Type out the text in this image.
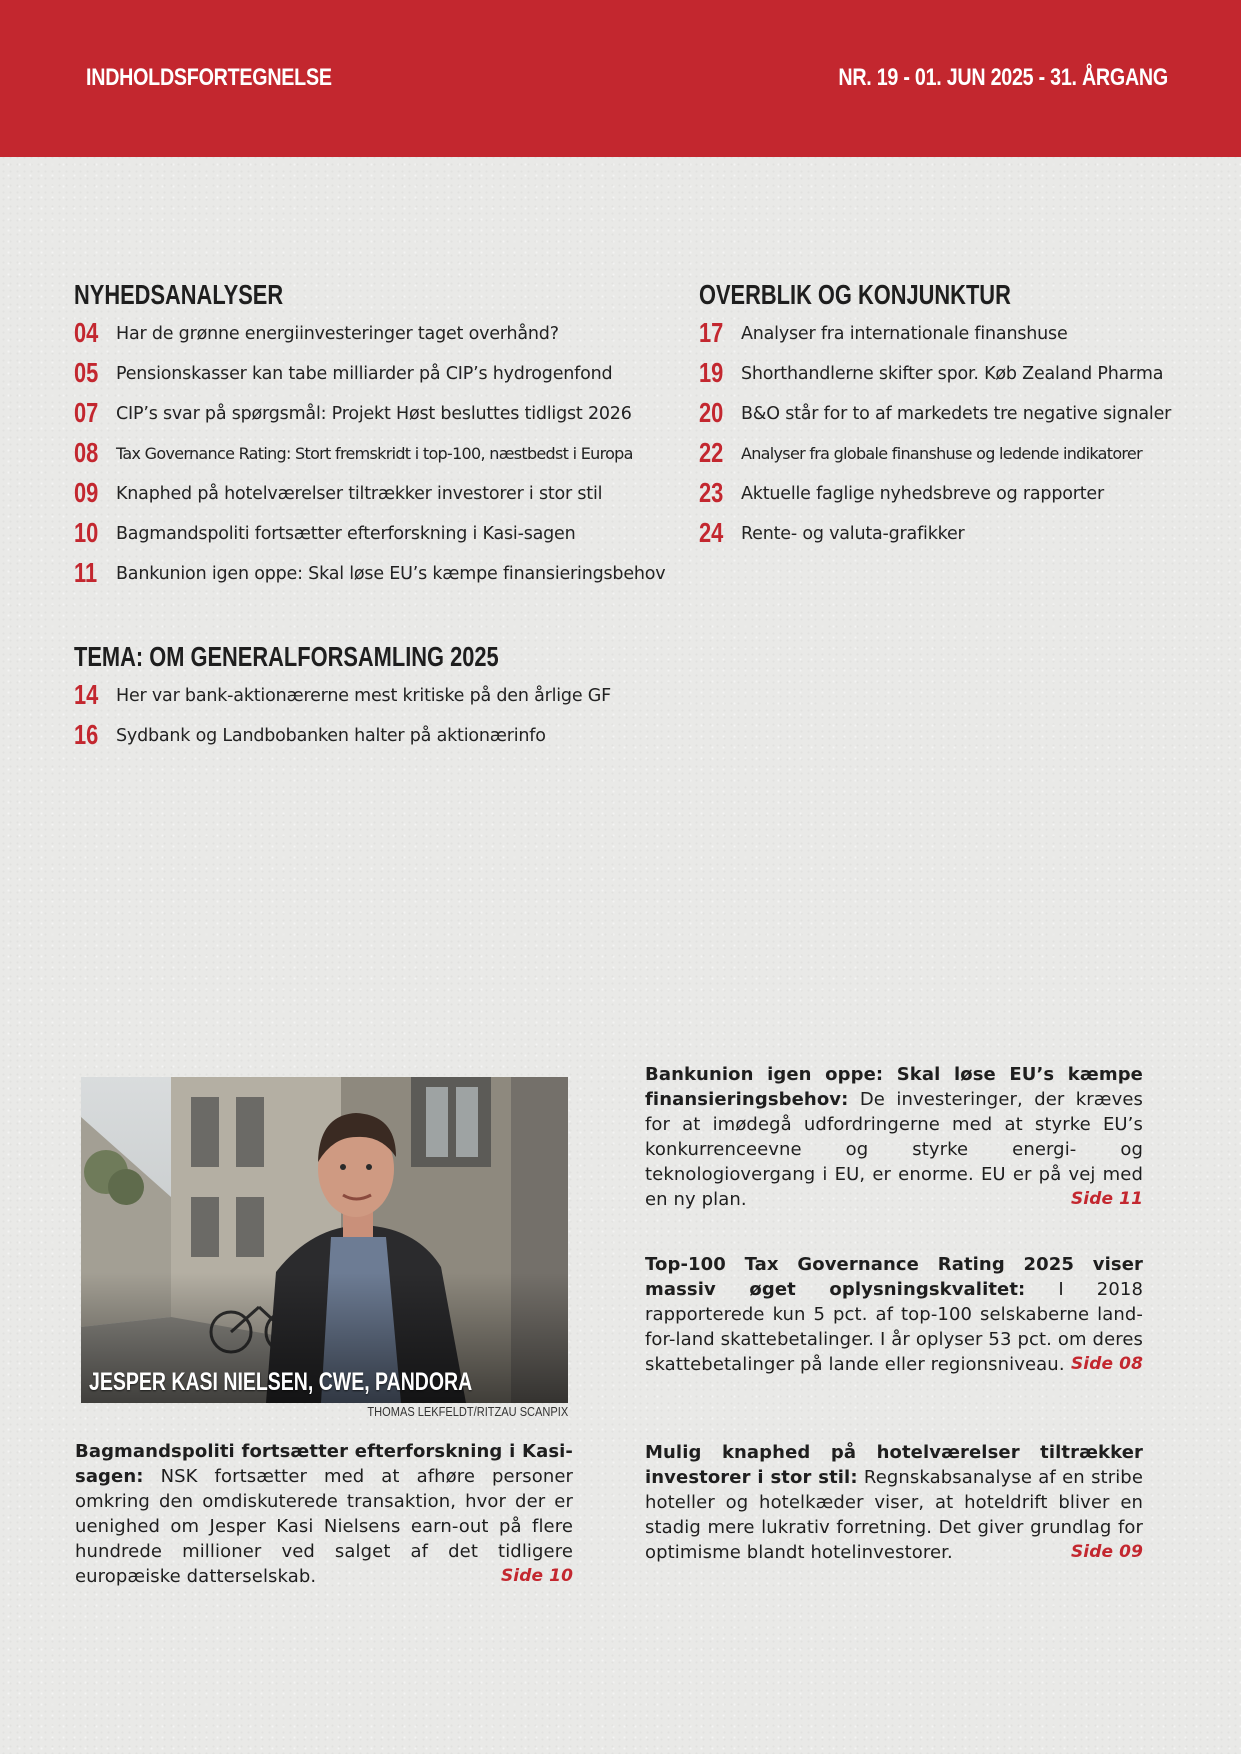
INDHOLDSFORTEGNELSE	NR. 19 - 01. JUN 2025 - 31. ÅRGANG
NYHEDSANALYSER
04	Har de grønne energiinvesteringer taget overhånd?
05	Pensionskasser kan tabe milliarder på CIP’s hydrogenfond
07	CIP’s svar på spørgsmål: Projekt Høst besluttes tidligst 2026
08	Tax Governance Rating: Stort fremskridt i top-100, næstbedst i Europa
09	Knaphed på hotelværelser tiltrækker investorer i stor stil
10	Bagmandspoliti fortsætter efterforskning i Kasi-sagen
11	Bankunion igen oppe: Skal løse EU’s kæmpe finansieringsbehov
TEMA: OM GENERALFORSAMLING 2025
14	Her var bank-aktionærerne mest kritiske på den årlige GF
16	Sydbank og Landbobanken halter på aktionærinfo
OVERBLIK OG KONJUNKTUR
17	Analyser fra internationale finanshuse
19	Shorthandlerne skifter spor. Køb Zealand Pharma
20	B&O står for to af markedets tre negative signaler
22	Analyser fra globale finanshuse og ledende indikatorer
23	Aktuelle faglige nyhedsbreve og rapporter
24	Rente- og valuta-grafikker
JESPER KASI NIELSEN, CWE, PANDORA
THOMAS LEKFELDT/RITZAU SCANPIX
Bagmandspoliti fortsætter efterforskning i Kasi-sagen: NSK fortsætter med at afhøre personer omkring den omdiskuterede transaktion, hvor der er uenighed om Jesper Kasi Nielsens earn-out på flere hundrede millioner ved salget af det tidligere europæiske datterselskab.	Side 10
Bankunion igen oppe: Skal løse EU’s kæmpe finansieringsbehov: De investeringer, der kræves for at imødegå udfordringerne med at styrke EU’s konkurrenceevne og styrke energi- og teknologiovergang i EU, er enorme. EU er på vej med en ny plan.	Side 11
Top-100 Tax Governance Rating 2025 viser massiv øget oplysningskvalitet: I 2018 rapporterede kun 5 pct. af top-100 selskaberne land-for-land skattebetalinger. I år oplyser 53 pct. om deres skattebetalinger på lande eller regionsniveau. Side 08
Mulig knaphed på hotelværelser tiltrækker investorer i stor stil: Regnskabsanalyse af en stribe hoteller og hotelkæder viser, at hoteldrift bliver en stadig mere lukrativ forretning. Det giver grundlag for optimisme blandt hotelinvestorer.	Side 09
